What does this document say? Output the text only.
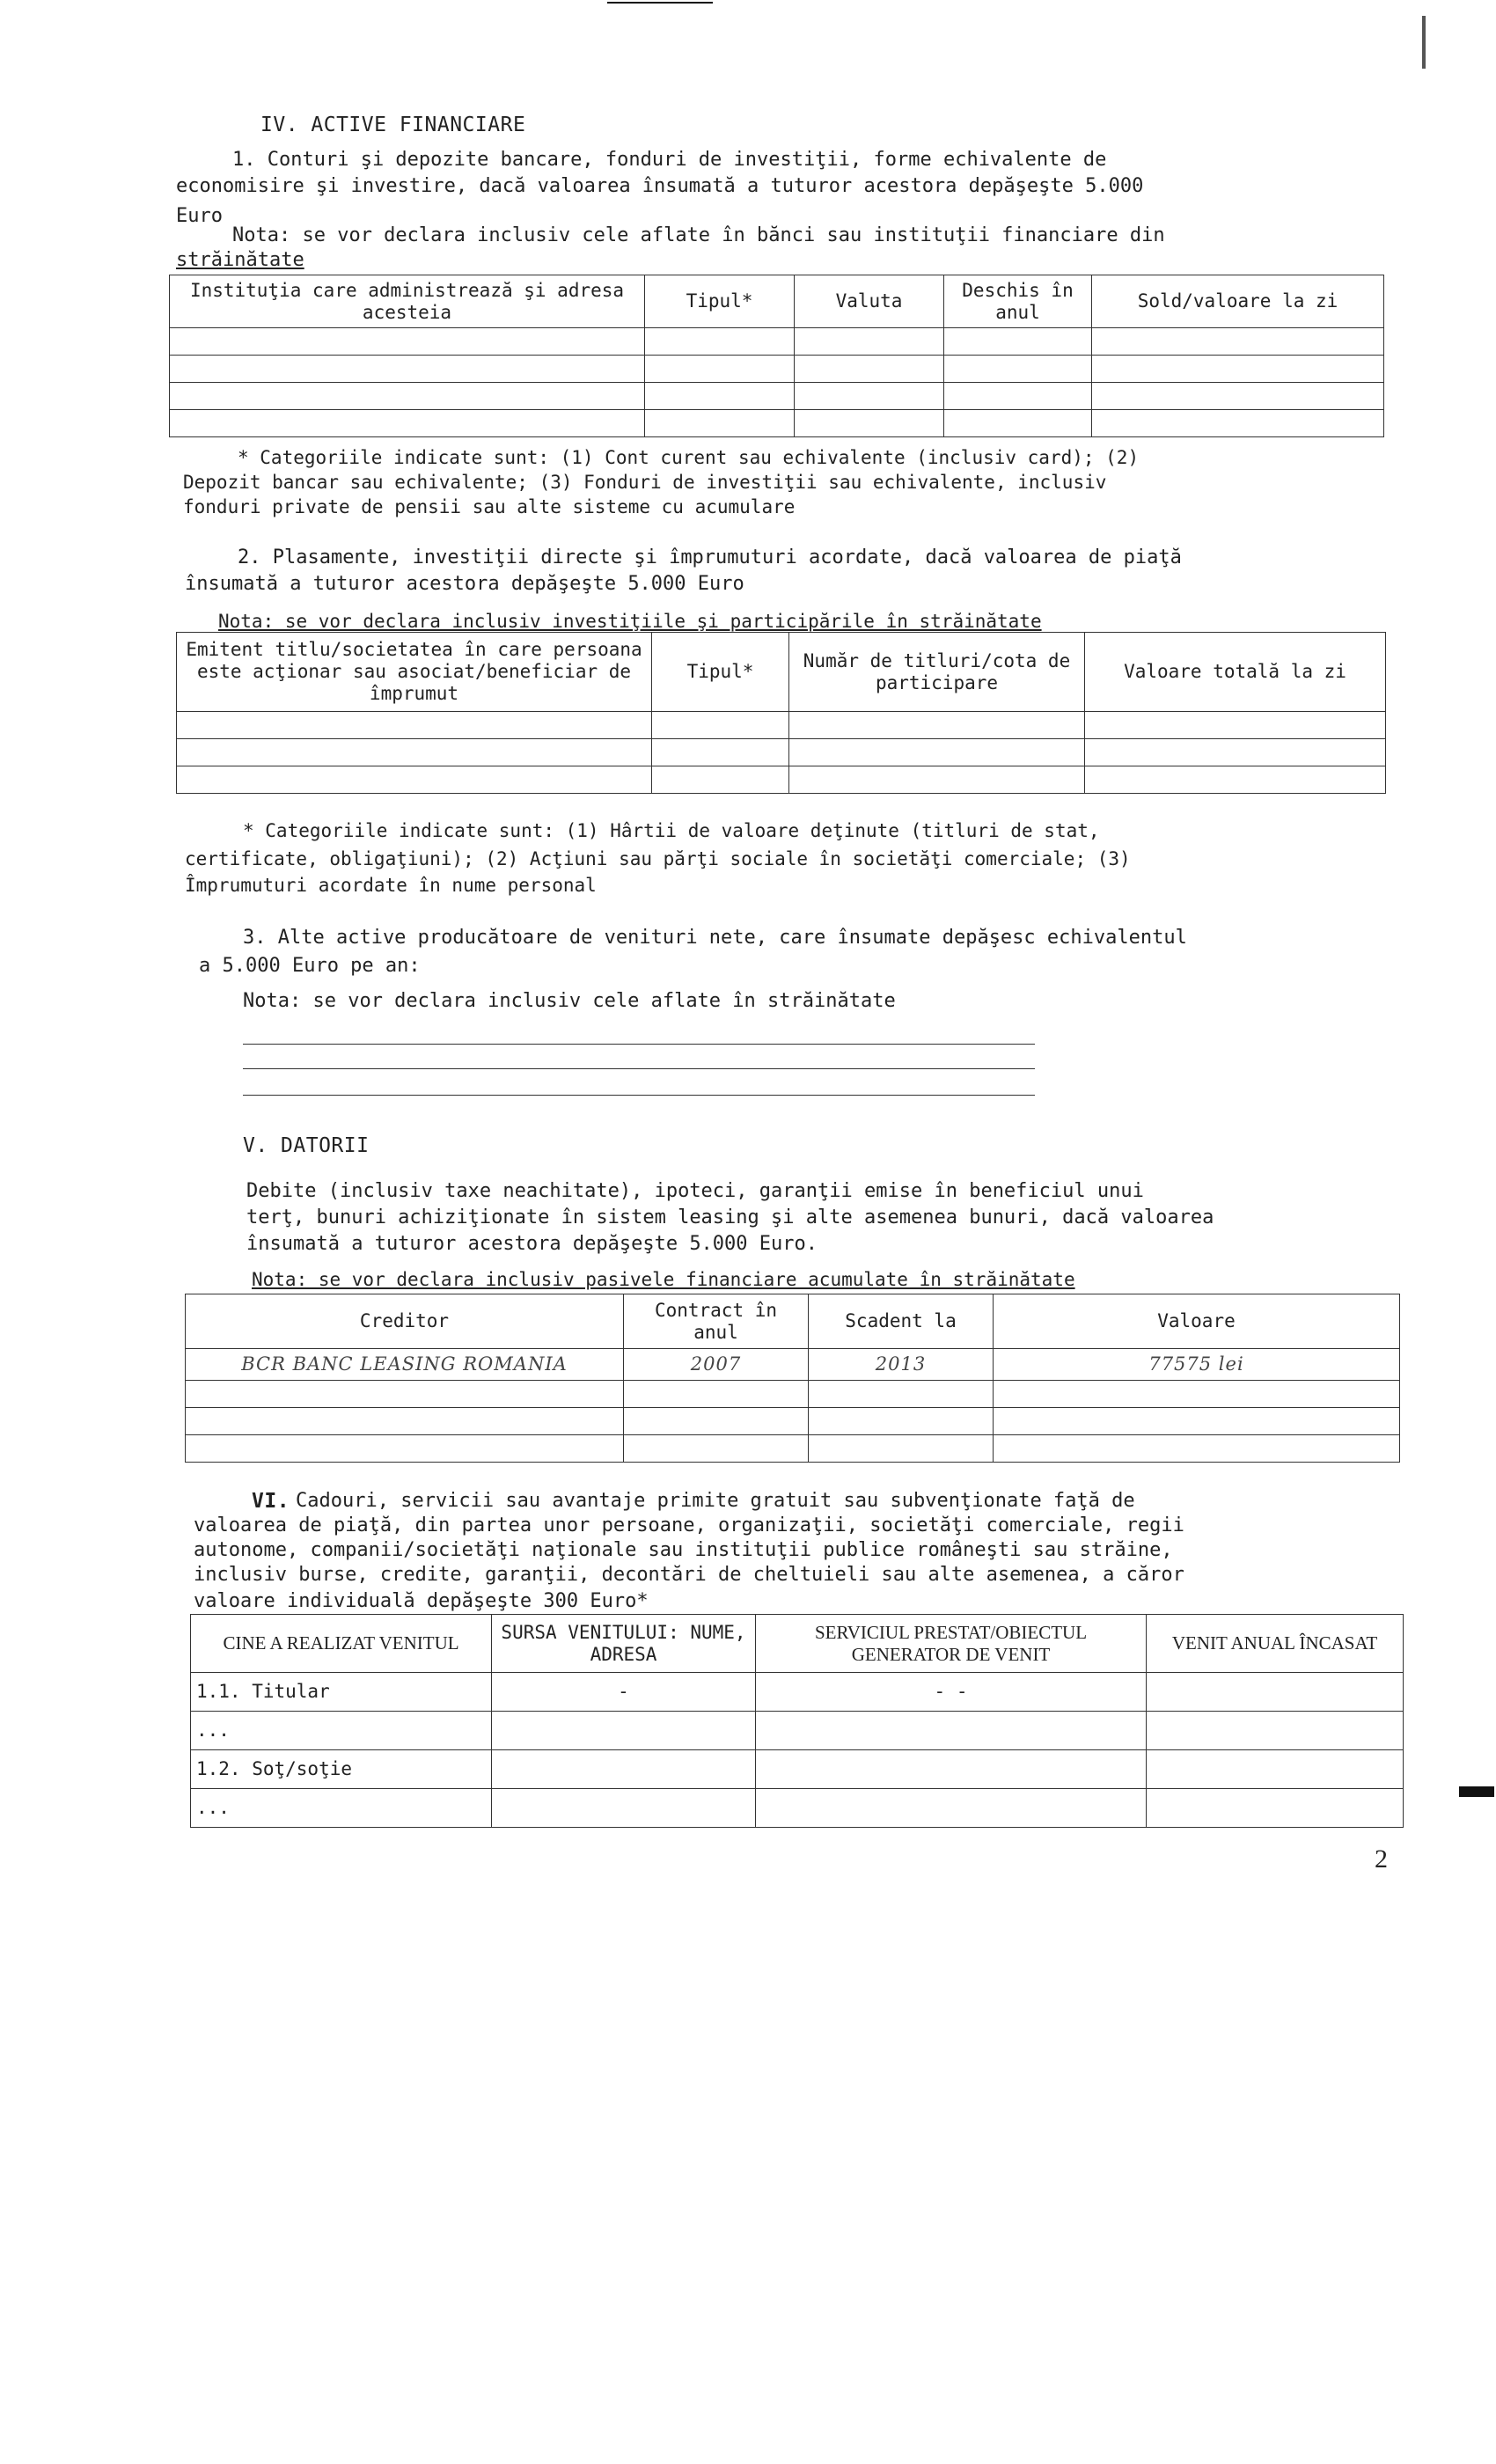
IV. ACTIVE FINANCIARE
1. Conturi şi depozite bancare, fonduri de investiţii, forme echivalente de
economisire şi investire, dacă valoarea însumată a tuturor acestora depăşeşte 5.000
Euro
Nota: se vor declara inclusiv cele aflate în bănci sau instituţii financiare din
străinătate
Instituţia care administrează şi adresa acesteia	Tipul*	Valuta	Deschis în anul	Sold/valoare la zi

* Categoriile indicate sunt: (1) Cont curent sau echivalente (inclusiv card); (2)
Depozit bancar sau echivalente; (3) Fonduri de investiţii sau echivalente, inclusiv
fonduri private de pensii sau alte sisteme cu acumulare
2. Plasamente, investiţii directe şi împrumuturi acordate, dacă valoarea de piaţă
însumată a tuturor acestora depăşeşte 5.000 Euro
Nota: se vor declara inclusiv investiţiile şi participările în străinătate
Emitent titlu/societatea în care persoana este acţionar sau asociat/beneficiar de împrumut	Tipul*	Număr de titluri/cota de participare	Valoare totală la zi

* Categoriile indicate sunt: (1) Hârtii de valoare deţinute (titluri de stat,
certificate, obligaţiuni); (2) Acţiuni sau părţi sociale în societăţi comerciale; (3)
Împrumuturi acordate în nume personal
3. Alte active producătoare de venituri nete, care însumate depăşesc echivalentul
a 5.000 Euro pe an:
Nota: se vor declara inclusiv cele aflate în străinătate
V. DATORII
Debite (inclusiv taxe neachitate), ipoteci, garanţii emise în beneficiul unui
terţ, bunuri achiziţionate în sistem leasing şi alte asemenea bunuri, dacă valoarea
însumată a tuturor acestora depăşeşte 5.000 Euro.
Nota: se vor declara inclusiv pasivele financiare acumulate în străinătate
Creditor	Contract în anul	Scadent la	Valoare
BCR BANC LEASING ROMANIA	2007	2013	77575 lei

VI. Cadouri, servicii sau avantaje primite gratuit sau subvenţionate faţă de
valoarea de piaţă, din partea unor persoane, organizaţii, societăţi comerciale, regii
autonome, companii/societăţi naţionale sau instituţii publice româneşti sau străine,
inclusiv burse, credite, garanţii, decontări de cheltuieli sau alte asemenea, a căror
valoare individuală depăşeşte 300 Euro*
CINE A REALIZAT VENITUL	SURSA VENITULUI: NUME, ADRESA	SERVICIUL PRESTAT/OBIECTUL GENERATOR DE VENIT	VENIT ANUAL ÎNCASAT
1.1. Titular	-	- -	
...			
1.2. Soţ/soţie			
...			
2
